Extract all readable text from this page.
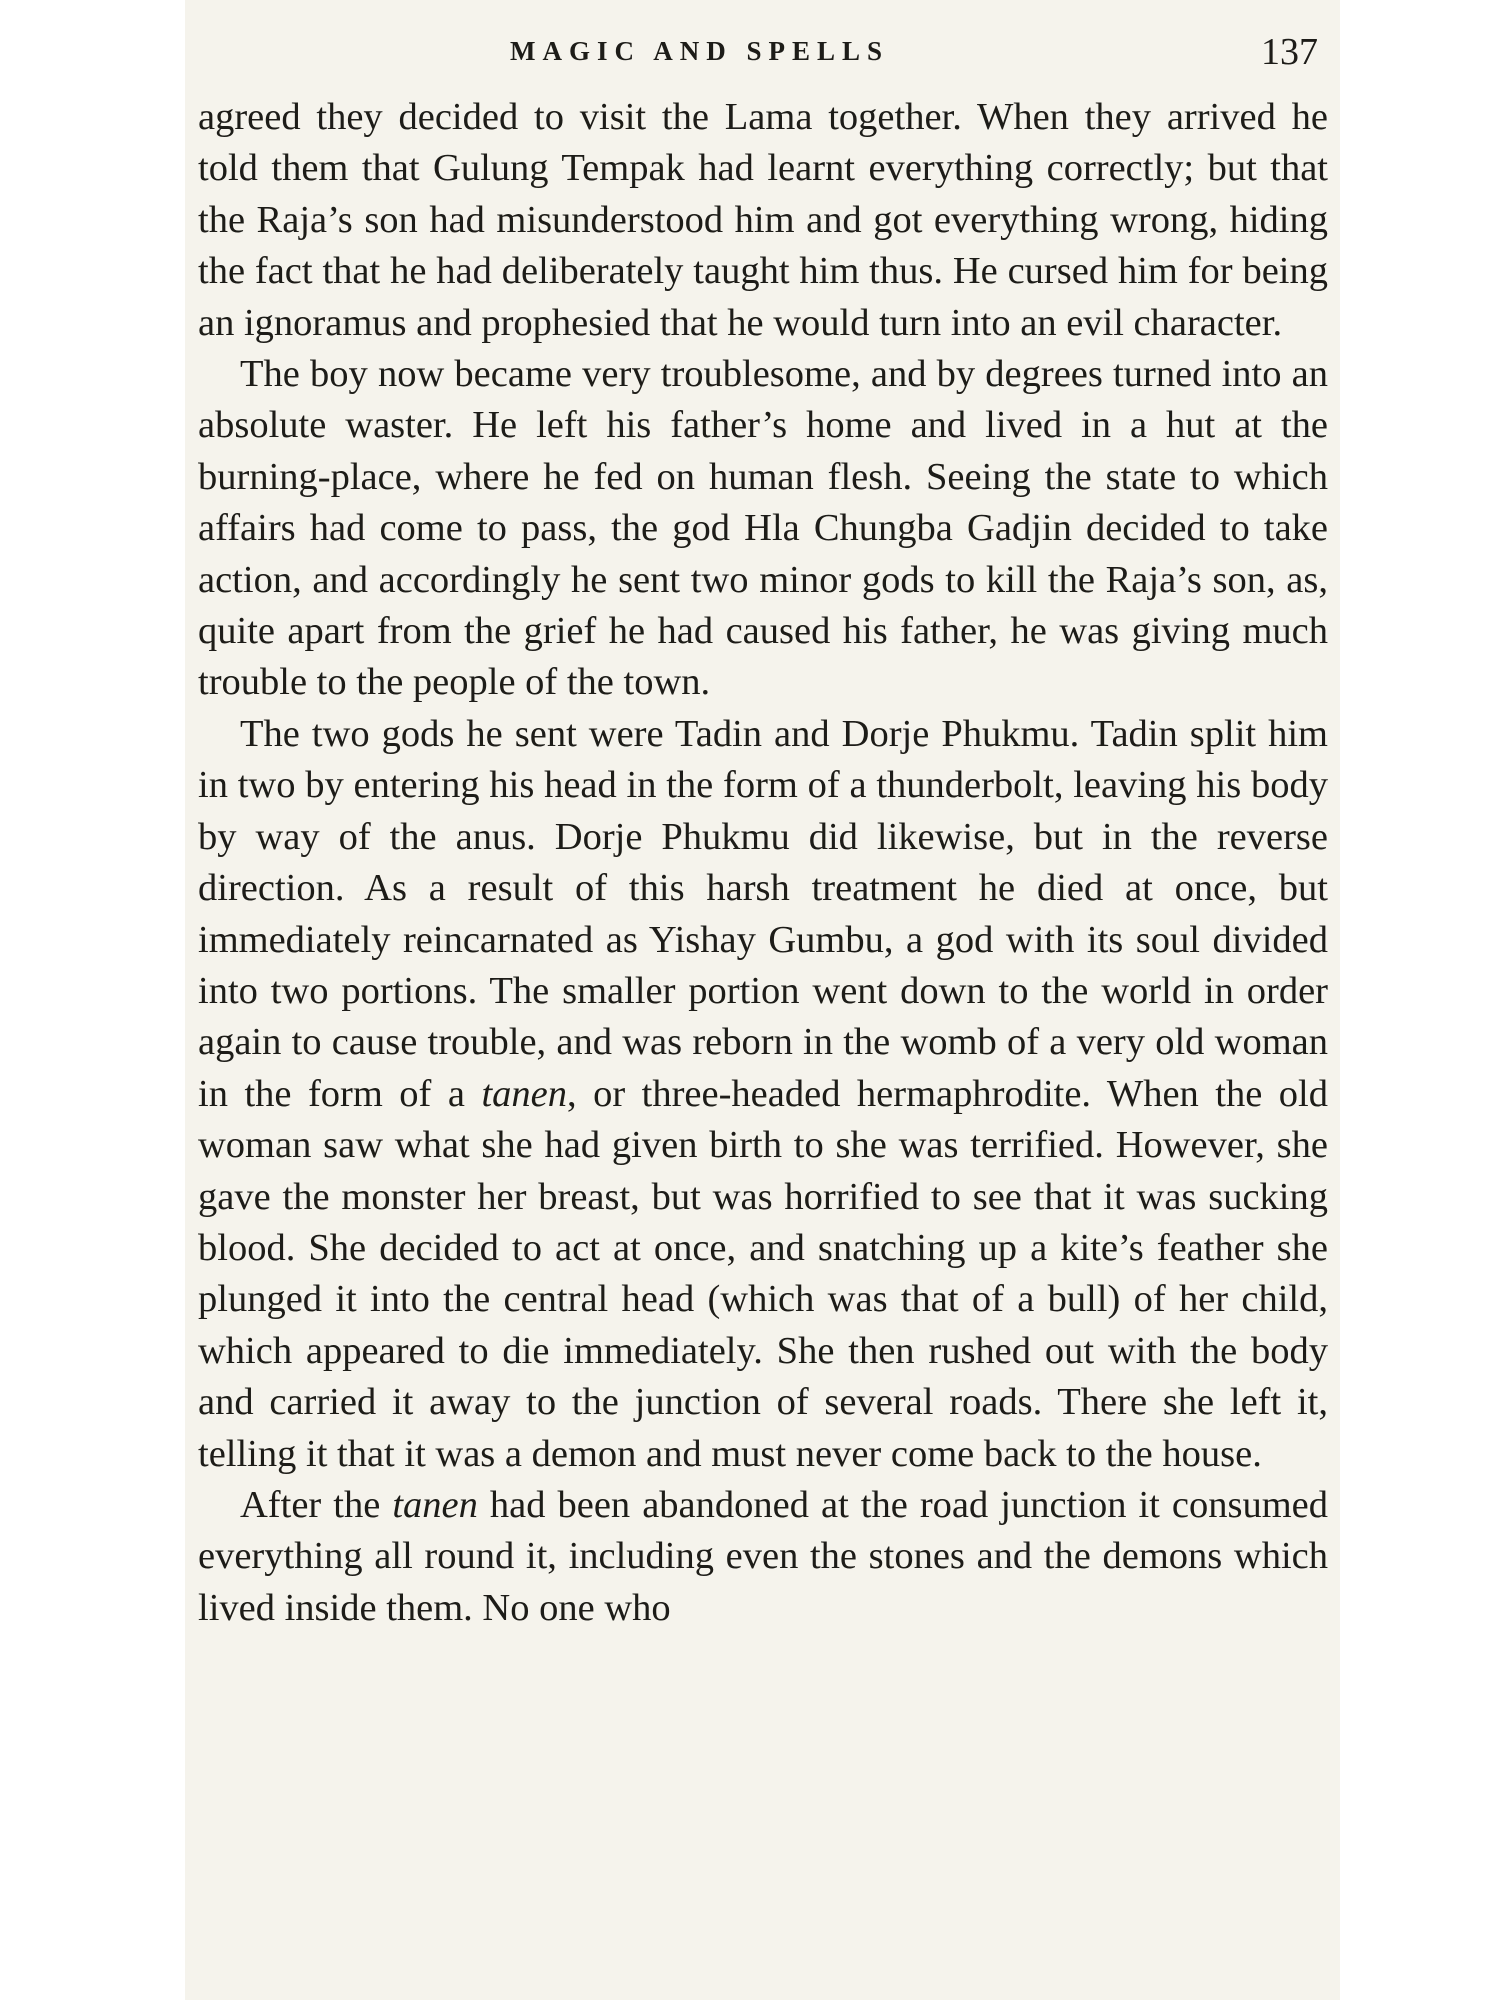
MAGIC AND SPELLS	137

agreed they decided to visit the Lama together. When they arrived he told them that Gulung Tempak had learnt everything correctly; but that the Raja’s son had misunderstood him and got everything wrong, hiding the fact that he had deliberately taught him thus. He cursed him for being an ignoramus and prophesied that he would turn into an evil character.

The boy now became very troublesome, and by degrees turned into an absolute waster. He left his father’s home and lived in a hut at the burning-place, where he fed on human flesh. Seeing the state to which affairs had come to pass, the god Hla Chungba Gadjin decided to take action, and accordingly he sent two minor gods to kill the Raja’s son, as, quite apart from the grief he had caused his father, he was giving much trouble to the people of the town.

The two gods he sent were Tadin and Dorje Phukmu. Tadin split him in two by entering his head in the form of a thunderbolt, leaving his body by way of the anus. Dorje Phukmu did likewise, but in the reverse direction. As a result of this harsh treatment he died at once, but immediately reincarnated as Yishay Gumbu, a god with its soul divided into two portions. The smaller portion went down to the world in order again to cause trouble, and was reborn in the womb of a very old woman in the form of a tanen, or three-headed hermaphrodite. When the old woman saw what she had given birth to she was terrified. However, she gave the monster her breast, but was horrified to see that it was sucking blood. She decided to act at once, and snatching up a kite’s feather she plunged it into the central head (which was that of a bull) of her child, which appeared to die immediately. She then rushed out with the body and carried it away to the junction of several roads. There she left it, telling it that it was a demon and must never come back to the house.

After the tanen had been abandoned at the road junction it consumed everything all round it, including even the stones and the demons which lived inside them. No one who
